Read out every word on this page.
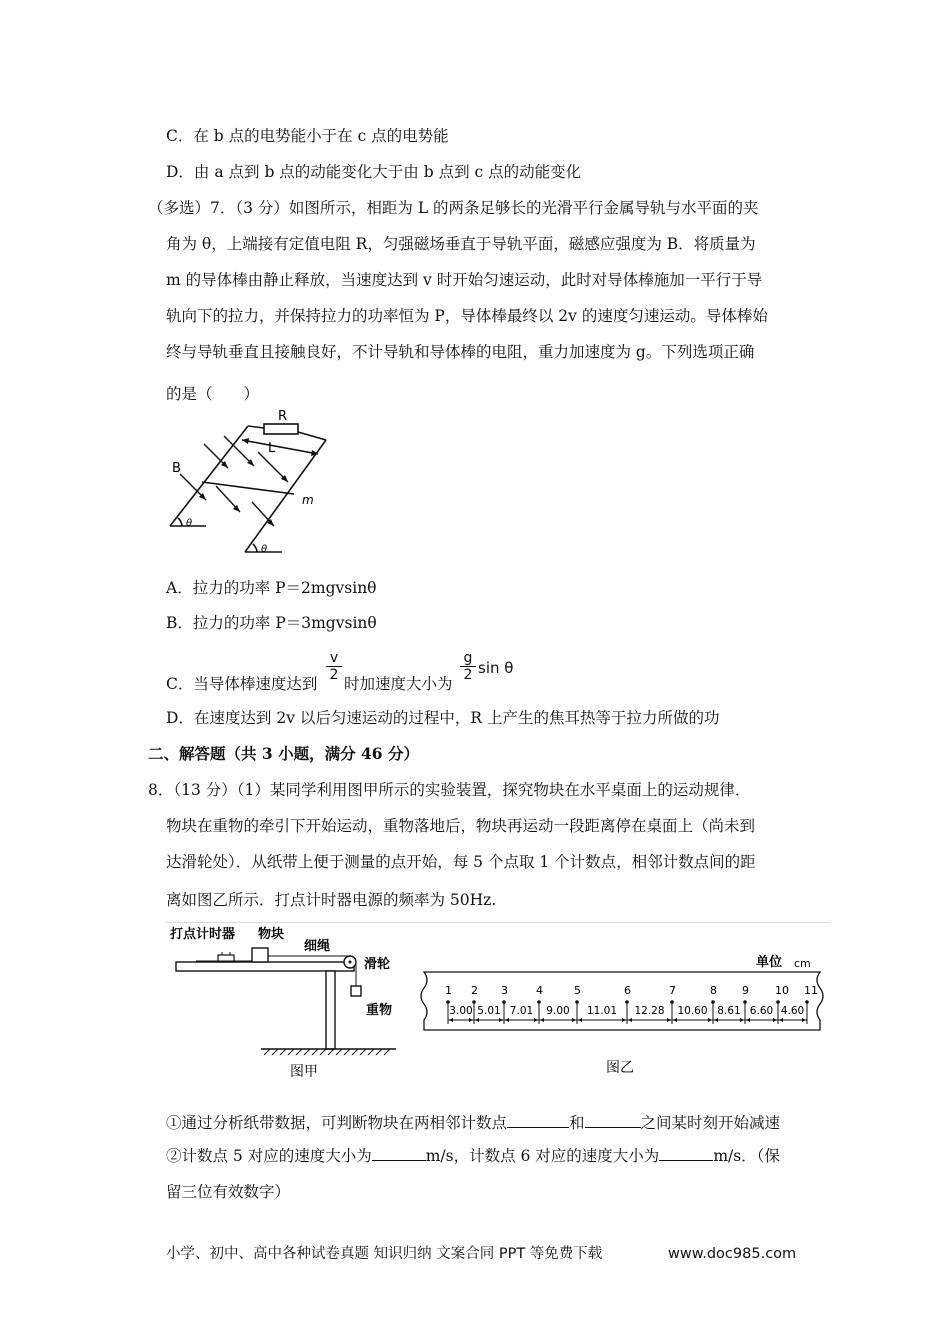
C．在 b 点的电势能小于在 c 点的电势能
D．由 a 点到 b 点的动能变化大于由 b 点到 c 点的动能变化
（多选）7．（3 分）如图所示，相距为 L 的两条足够长的光滑平行金属导轨与水平面的夹
角为 θ，上端接有定值电阻 R，匀强磁场垂直于导轨平面，磁感应强度为 B．将质量为
m 的导体棒由静止释放，当速度达到 v 时开始匀速运动，此时对导体棒施加一平行于导
轨向下的拉力，并保持拉力的功率恒为 P，导体棒最终以 2v 的速度匀速运动。导体棒始
终与导轨垂直且接触良好，不计导轨和导体棒的电阻，重力加速度为 g。下列选项正确
的是（　　）
R
L
B
m
θ
θ
A．拉力的功率 P＝2mgvsinθ
B．拉力的功率 P＝3mgvsinθ
C．当导体棒速度达到
$\frac{v}{2}$
时加速度大小为
$\frac{g}{2}$ sin θ
D．在速度达到 2v 以后匀速运动的过程中，R 上产生的焦耳热等于拉力所做的功
二、解答题（共 3 小题，满分 46 分）
8．（13 分）（1）某同学利用图甲所示的实验装置，探究物块在水平桌面上的运动规律．
物块在重物的牵引下开始运动，重物落地后，物块再运动一段距离停在桌面上（尚未到
达滑轮处）．从纸带上便于测量的点开始，每 5 个点取 1 个计数点，相邻计数点间的距
离如图乙所示．打点计时器电源的频率为 50Hz.
打点计时器 物块
细绳
滑轮
重物
图甲
1 2 3	4	5	6	7	8 9 10 11
3.00 5.01 7.01 9.00 11.01 12.28 10.60 8.61 6.60 4.60
单位 cm
图乙
①通过分析纸带数据，可判断物块在两相邻计数点	和	之间某时刻开始减速
②计数点 5 对应的速度大小为	m/s，计数点 6 对应的速度大小为	m/s．（保
留三位有效数字）
小学、初中、高中各种试卷真题 知识归纳 文案合同 PPT 等免费下载	www.doc985.com
